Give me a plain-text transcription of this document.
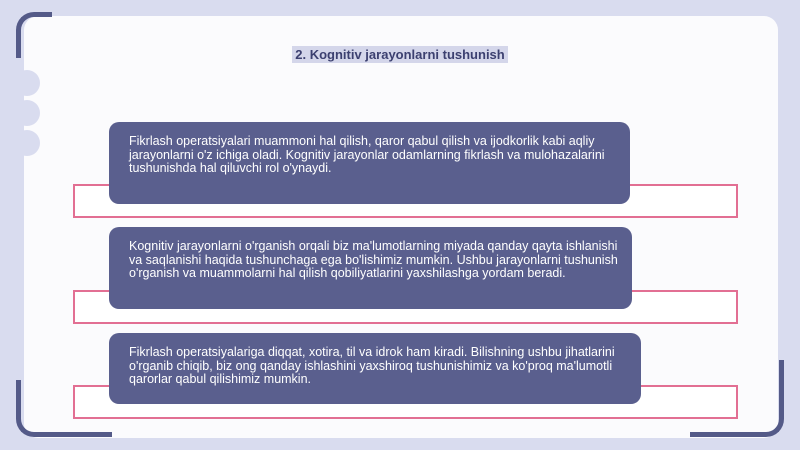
2. Kognitiv jarayonlarni tushunish

Fikrlash operatsiyalari muammoni hal qilish, qaror qabul qilish va ijodkorlik kabi aqliy jarayonlarni o'z ichiga oladi. Kognitiv jarayonlar odamlarning fikrlash va mulohazalarini tushunishda hal qiluvchi rol o'ynaydi.

Kognitiv jarayonlarni o'rganish orqali biz ma'lumotlarning miyada qanday qayta ishlanishi va saqlanishi haqida tushunchaga ega bo'lishimiz mumkin. Ushbu jarayonlarni tushunish o'rganish va muammolarni hal qilish qobiliyatlarini yaxshilashga yordam beradi.

Fikrlash operatsiyalariga diqqat, xotira, til va idrok ham kiradi. Bilishning ushbu jihatlarini o'rganib chiqib, biz ong qanday ishlashini yaxshiroq tushunishimiz va ko'proq ma'lumotli qarorlar qabul qilishimiz mumkin.
